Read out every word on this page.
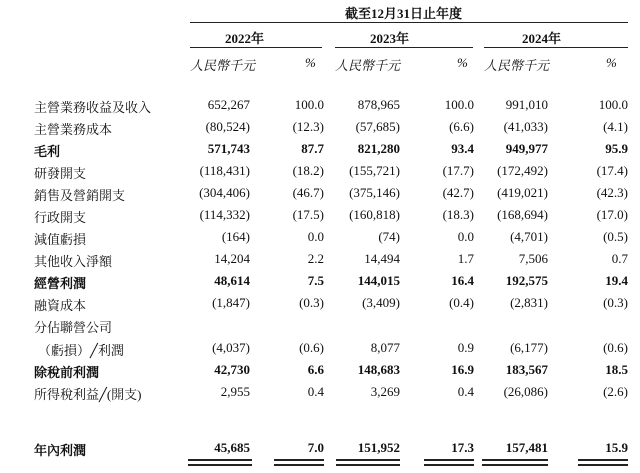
截至12月31日止年度
2022年	2023年	2024年
人民幣千元	% 人民幣千元	% 人民幣千元	%
主營業務收益及收入	652,267	100.0	878,965	100.0	991,010	100.0
主營業務成本	(80,524)	(12.3)	(57,685)	(6.6)	(41,033)	(4.1)
毛利	571,743	87.7	821,280	93.4	949,977	95.9
研發開支	(118,431)	(18.2)	(155,721)	(17.7)	(172,492)	(17.4)
銷售及營銷開支	(304,406)	(46.7)	(375,146)	(42.7)	(419,021)	(42.3)
行政開支	(114,332)	(17.5)	(160,818)	(18.3)	(168,694)	(17.0)
減值虧損	(164)	0.0	(74)	0.0	(4,701)	(0.5)
其他收入淨額	14,204	2.2	14,494	1.7	7,506	0.7
經營利潤	48,614	7.5	144,015	16.4	192,575	19.4
融資成本	(1,847)	(0.3)	(3,409)	(0.4)	(2,831)	(0.3)
分佔聯營公司
（虧損）╱利潤	(4,037)	(0.6)	8,077	0.9	(6,177)	(0.6)
除稅前利潤	42,730	6.6	148,683	16.9	183,567	18.5
所得稅利益╱(開支)	2,955	0.4	3,269	0.4	(26,086)	(2.6)
年內利潤	45,685	7.0	151,952	17.3	157,481	15.9
